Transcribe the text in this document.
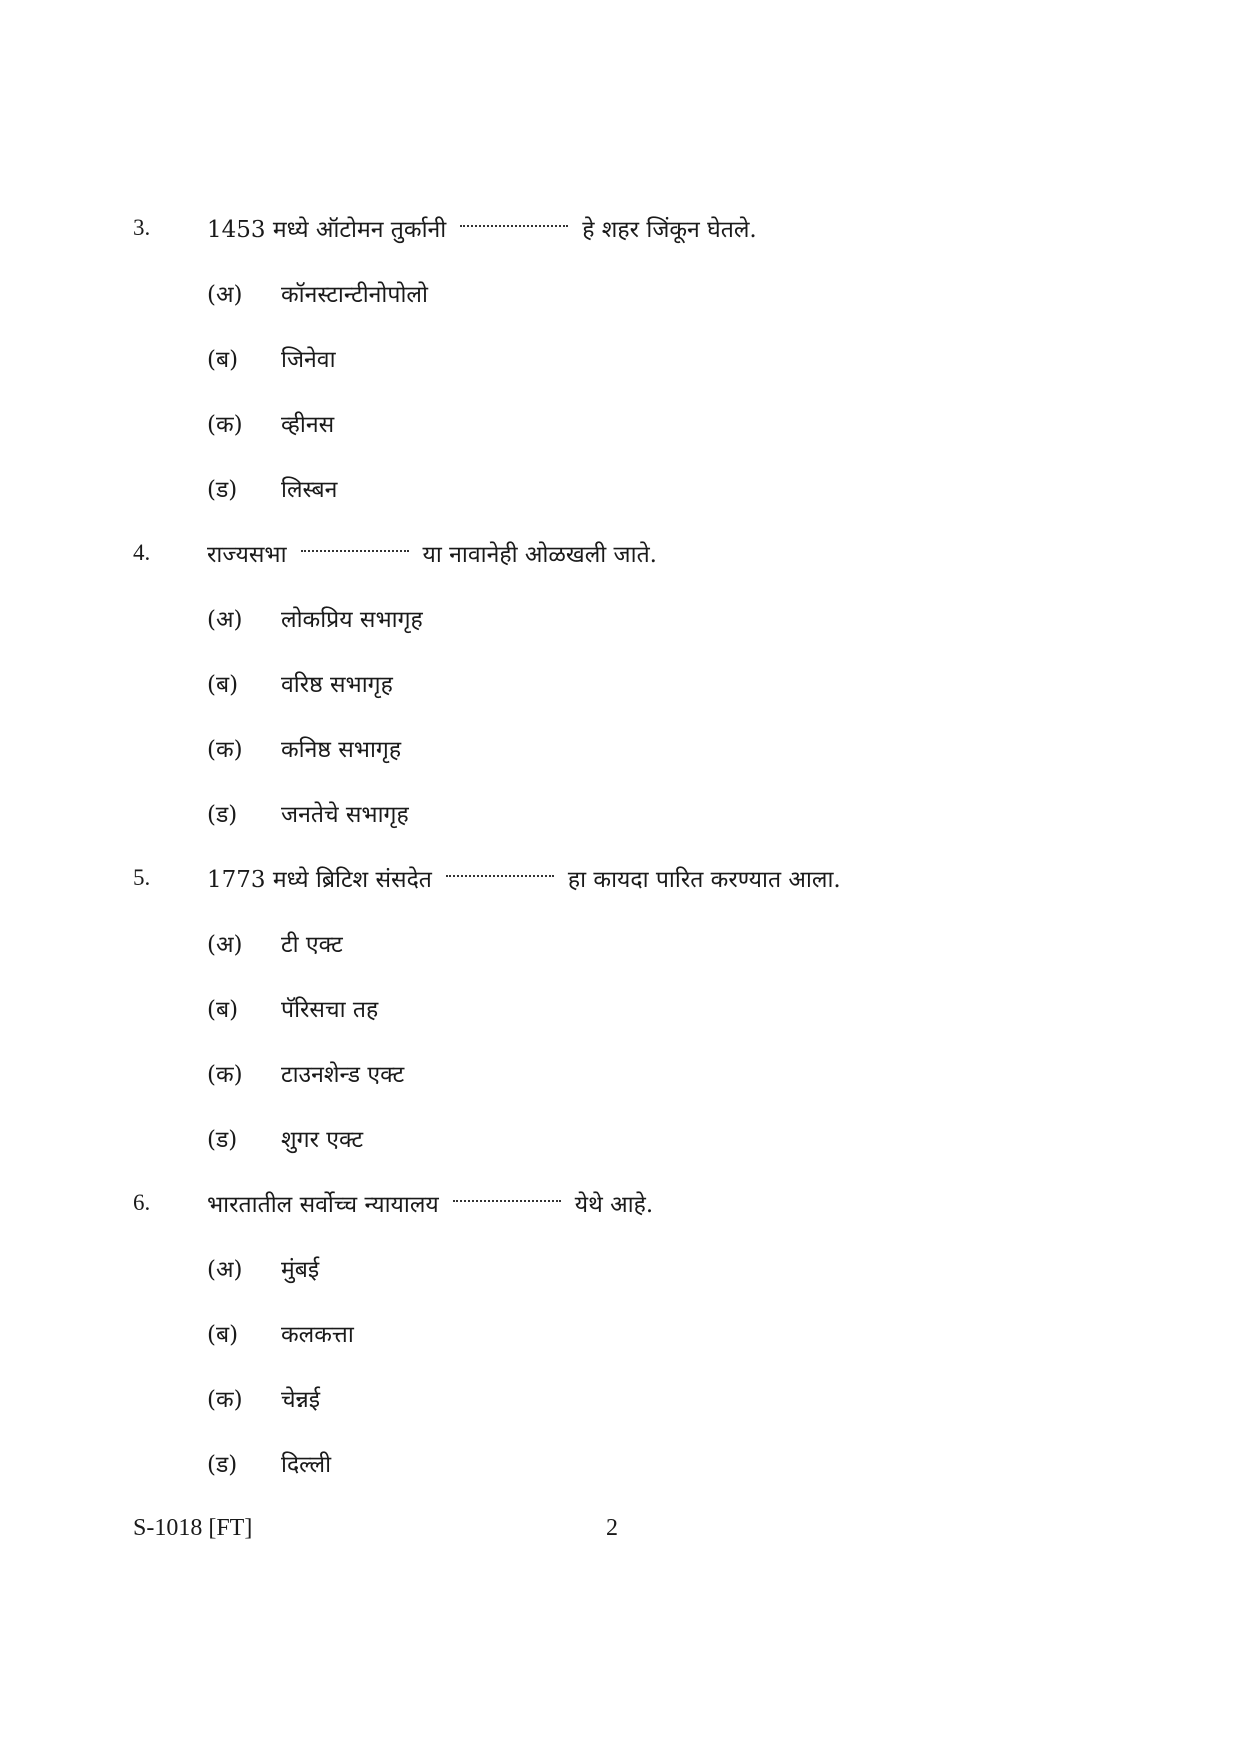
3.	1453 मध्ये ऑटोमन तुर्कानी	हे शहर जिंकून घेतले.
(अ)	कॉनस्टान्टीनोपोलो
(ब)	जिनेवा
(क)	व्हीनस
(ड)	लिस्बन
4.	राज्यसभा	या नावानेही ओळखली जाते.
(अ)	लोकप्रिय सभागृह
(ब)	वरिष्ठ सभागृह
(क)	कनिष्ठ सभागृह
(ड)	जनतेचे सभागृह
5.	1773 मध्ये ब्रिटिश संसदेत	हा कायदा पारित करण्यात आला.
(अ)	टी एक्ट
(ब)	पॅरिसचा तह
(क)	टाउनशेन्ड एक्ट
(ड)	शुगर एक्ट
6.	भारतातील सर्वोच्च न्यायालय	येथे आहे.
(अ)	मुंबई
(ब)	कलकत्ता
(क)	चेन्नई
(ड)	दिल्ली
S-1018 [FT]	2
